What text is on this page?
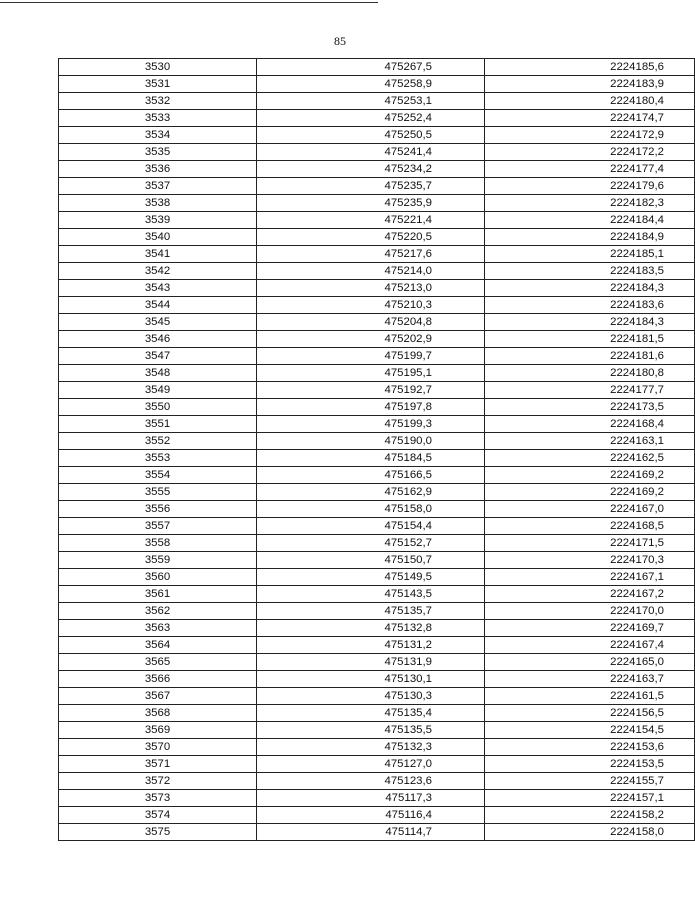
85
3530	475267,5	2224185,6
3531	475258,9	2224183,9
3532	475253,1	2224180,4
3533	475252,4	2224174,7
3534	475250,5	2224172,9
3535	475241,4	2224172,2
3536	475234,2	2224177,4
3537	475235,7	2224179,6
3538	475235,9	2224182,3
3539	475221,4	2224184,4
3540	475220,5	2224184,9
3541	475217,6	2224185,1
3542	475214,0	2224183,5
3543	475213,0	2224184,3
3544	475210,3	2224183,6
3545	475204,8	2224184,3
3546	475202,9	2224181,5
3547	475199,7	2224181,6
3548	475195,1	2224180,8
3549	475192,7	2224177,7
3550	475197,8	2224173,5
3551	475199,3	2224168,4
3552	475190,0	2224163,1
3553	475184,5	2224162,5
3554	475166,5	2224169,2
3555	475162,9	2224169,2
3556	475158,0	2224167,0
3557	475154,4	2224168,5
3558	475152,7	2224171,5
3559	475150,7	2224170,3
3560	475149,5	2224167,1
3561	475143,5	2224167,2
3562	475135,7	2224170,0
3563	475132,8	2224169,7
3564	475131,2	2224167,4
3565	475131,9	2224165,0
3566	475130,1	2224163,7
3567	475130,3	2224161,5
3568	475135,4	2224156,5
3569	475135,5	2224154,5
3570	475132,3	2224153,6
3571	475127,0	2224153,5
3572	475123,6	2224155,7
3573	475117,3	2224157,1
3574	475116,4	2224158,2
3575	475114,7	2224158,0
